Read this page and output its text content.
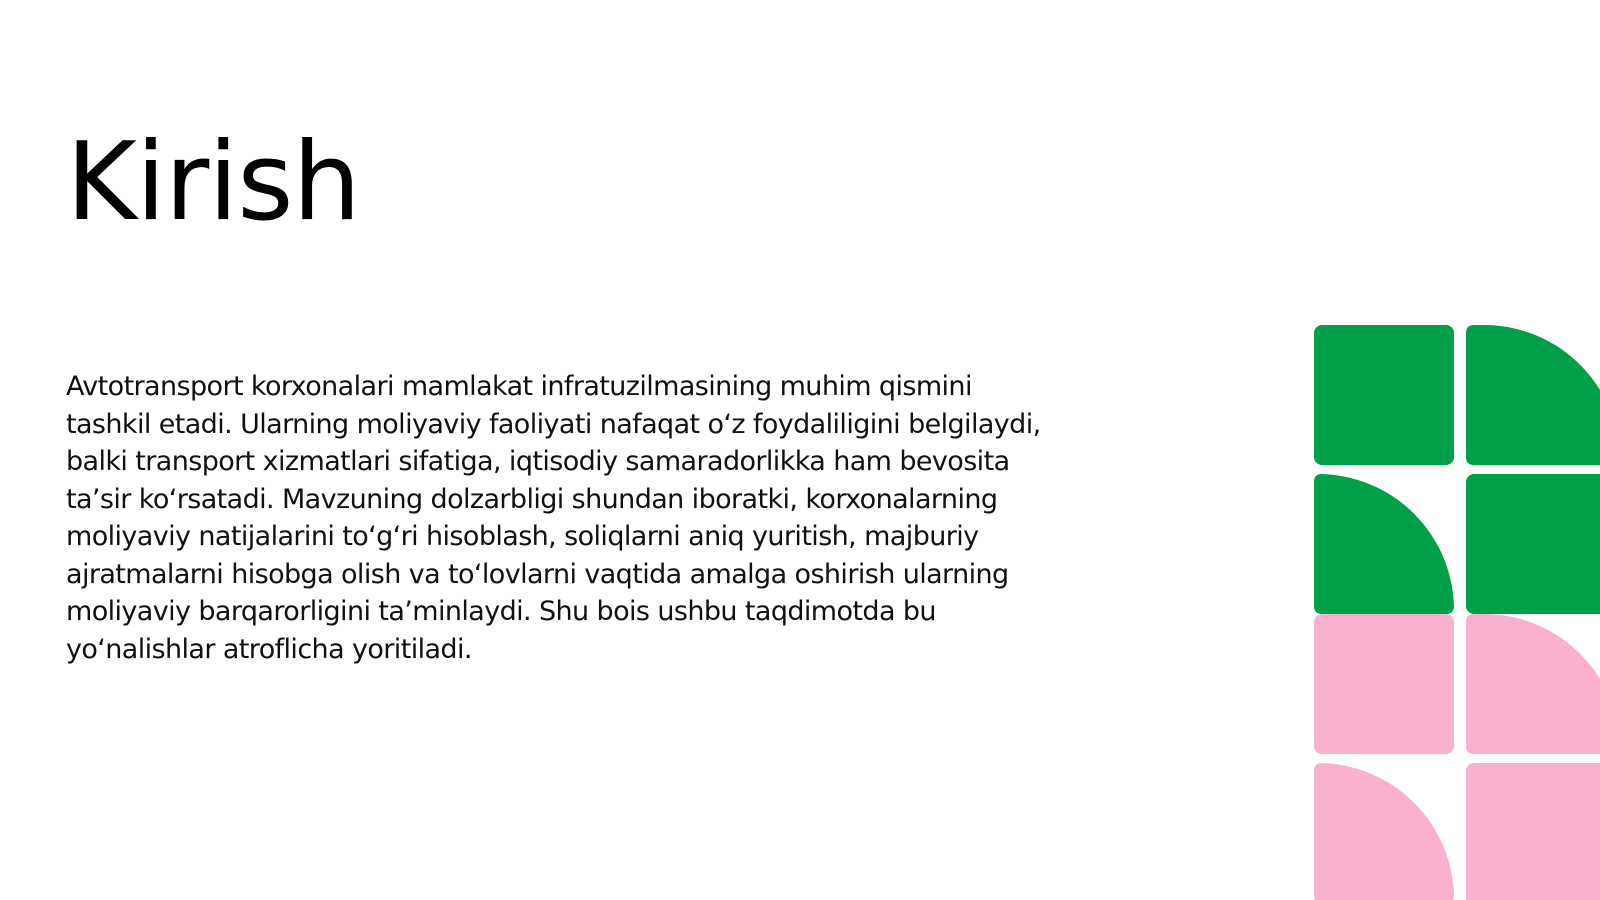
Kirish

Avtotransport korxonalari mamlakat infratuzilmasining muhim qismini tashkil etadi. Ularning moliyaviy faoliyati nafaqat o‘z foydaliligini belgilaydi, balki transport xizmatlari sifatiga, iqtisodiy samaradorlikka ham bevosita ta’sir ko‘rsatadi. Mavzuning dolzarbligi shundan iboratki, korxonalarning moliyaviy natijalarini to‘g‘ri hisoblash, soliqlarni aniq yuritish, majburiy ajratmalarni hisobga olish va to‘lovlarni vaqtida amalga oshirish ularning moliyaviy barqarorligini ta’minlaydi. Shu bois ushbu taqdimotda bu yo‘nalishlar atroflicha yoritiladi.
